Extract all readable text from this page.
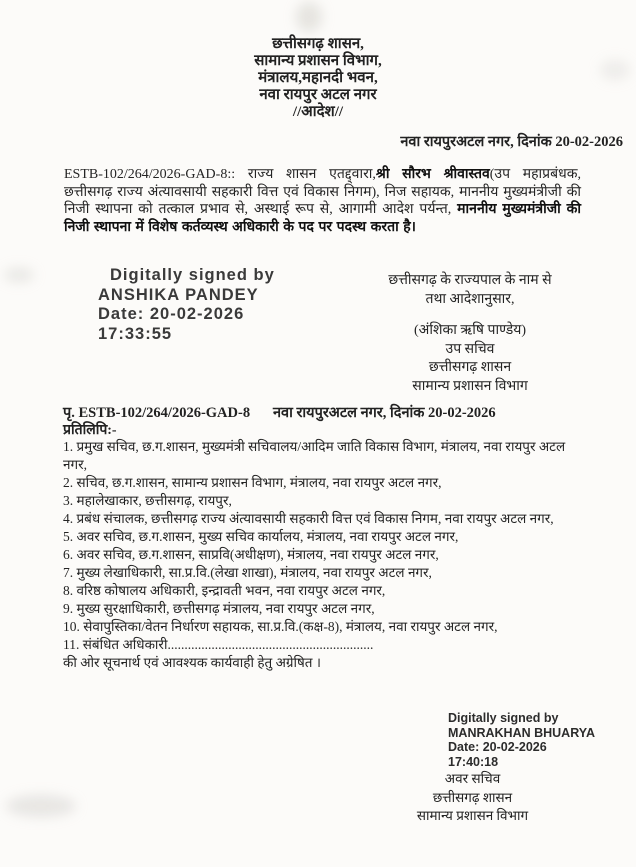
छत्तीसगढ़ शासन,
सामान्य प्रशासन विभाग,
मंत्रालय,महानदी भवन,
नवा रायपुर अटल नगर
//आदेश//
नवा रायपुरअटल नगर, दिनांक 20-02-2026

ESTB-102/264/2026-GAD-8:: राज्य शासन एतद्द्वारा,श्री सौरभ श्रीवास्तव(उप महाप्रबंधक, छत्तीसगढ़ राज्य अंत्यावसायी सहकारी वित्त एवं विकास निगम), निज सहायक, माननीय मुख्यमंत्रीजी की निजी स्थापना को तत्काल प्रभाव से, अस्थाई रूप से, आगामी आदेश पर्यन्त, माननीय मुख्यमंत्रीजी की निजी स्थापना में विशेष कर्तव्यस्थ अधिकारी के पद पर पदस्थ करता है।

Digitally signed by
ANSHIKA PANDEY
Date: 20-02-2026
17:33:55
छत्तीसगढ़ के राज्यपाल के नाम से
तथा आदेशानुसार,
(अंशिका ऋषि पाण्डेय)
उप सचिव
छत्तीसगढ़ शासन
सामान्य प्रशासन विभाग
पृ. ESTB-102/264/2026-GAD-8 नवा रायपुरअटल नगर, दिनांक 20-02-2026
प्रतिलिपि:-
1. प्रमुख सचिव, छ.ग.शासन, मुख्यमंत्री सचिवालय/आदिम जाति विकास विभाग, मंत्रालय, नवा रायपुर अटल नगर,
2. सचिव, छ.ग.शासन, सामान्य प्रशासन विभाग, मंत्रालय, नवा रायपुर अटल नगर,
3. महालेखाकार, छत्तीसगढ़, रायपुर,
4. प्रबंध संचालक, छत्तीसगढ़ राज्य अंत्यावसायी सहकारी वित्त एवं विकास निगम, नवा रायपुर अटल नगर,
5. अवर सचिव, छ.ग.शासन, मुख्य सचिव कार्यालय, मंत्रालय, नवा रायपुर अटल नगर,
6. अवर सचिव, छ.ग.शासन, साप्रवि(अधीक्षण), मंत्रालय, नवा रायपुर अटल नगर,
7. मुख्य लेखाधिकारी, सा.प्र.वि.(लेखा शाखा), मंत्रालय, नवा रायपुर अटल नगर,
8. वरिष्ठ कोषालय अधिकारी, इन्द्रावती भवन, नवा रायपुर अटल नगर,
9. मुख्य सुरक्षाधिकारी, छत्तीसगढ़ मंत्रालय, नवा रायपुर अटल नगर,
10. सेवापुस्तिका/वेतन निर्धारण सहायक, सा.प्र.वि.(कक्ष-8), मंत्रालय, नवा रायपुर अटल नगर,
11. संबंधित अधिकारी.............................................................
की ओर सूचनार्थ एवं आवश्यक कार्यवाही हेतु अग्रेषित ।
Digitally signed by
MANRAKHAN BHUARYA
Date: 20-02-2026
17:40:18
अवर सचिव
छत्तीसगढ़ शासन
सामान्य प्रशासन विभाग
